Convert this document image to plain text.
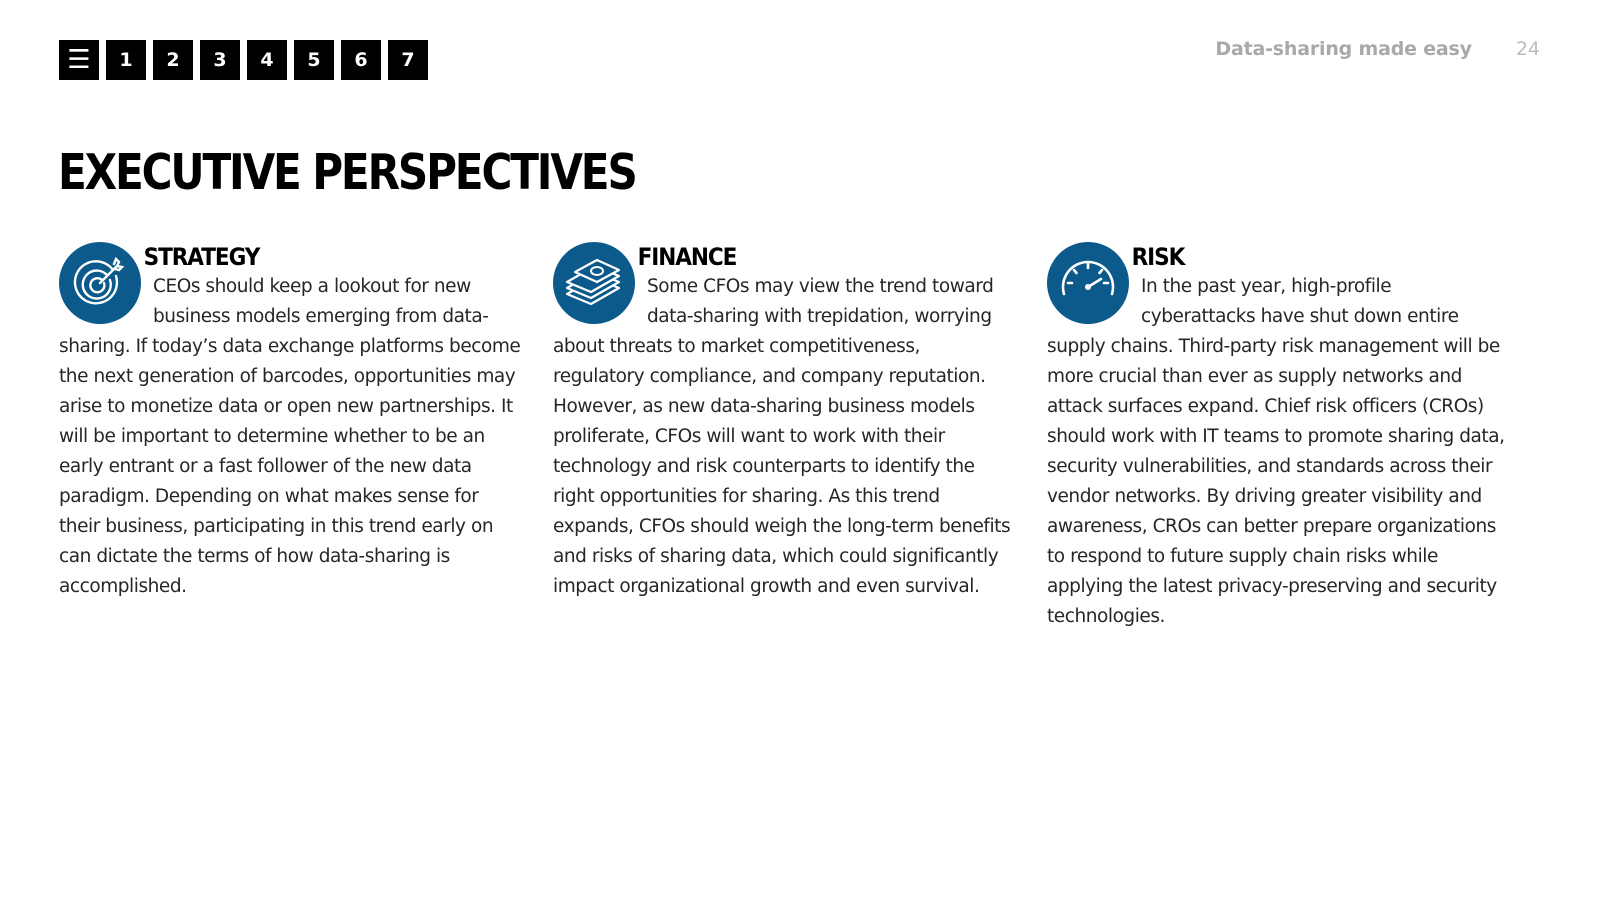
☰	1	2	3	4	5	6	7	Data-sharing made easy 24
EXECUTIVE PERSPECTIVES
STRATEGY

CEOs should keep a lookout for new business models emerging from data-sharing. If today’s data exchange platforms become the next generation of barcodes, opportunities may arise to monetize data or open new partnerships. It will be important to determine whether to be an early entrant or a fast follower of the new data paradigm. Depending on what makes sense for their business, participating in this trend early on can dictate the terms of how data-sharing is accomplished.

FINANCE

Some CFOs may view the trend toward data-sharing with trepidation, worrying about threats to market competitiveness, regulatory compliance, and company reputation. However, as new data-sharing business models proliferate, CFOs will want to work with their technology and risk counterparts to identify the right opportunities for sharing. As this trend expands, CFOs should weigh the long-term benefits and risks of sharing data, which could significantly impact organizational growth and even survival.

RISK

In the past year, high-profile cyberattacks have shut down entire supply chains. Third-party risk management will be more crucial than ever as supply networks and attack surfaces expand. Chief risk officers (CROs) should work with IT teams to promote sharing data, security vulnerabilities, and standards across their vendor networks. By driving greater visibility and awareness, CROs can better prepare organizations to respond to future supply chain risks while applying the latest privacy-preserving and security technologies.
